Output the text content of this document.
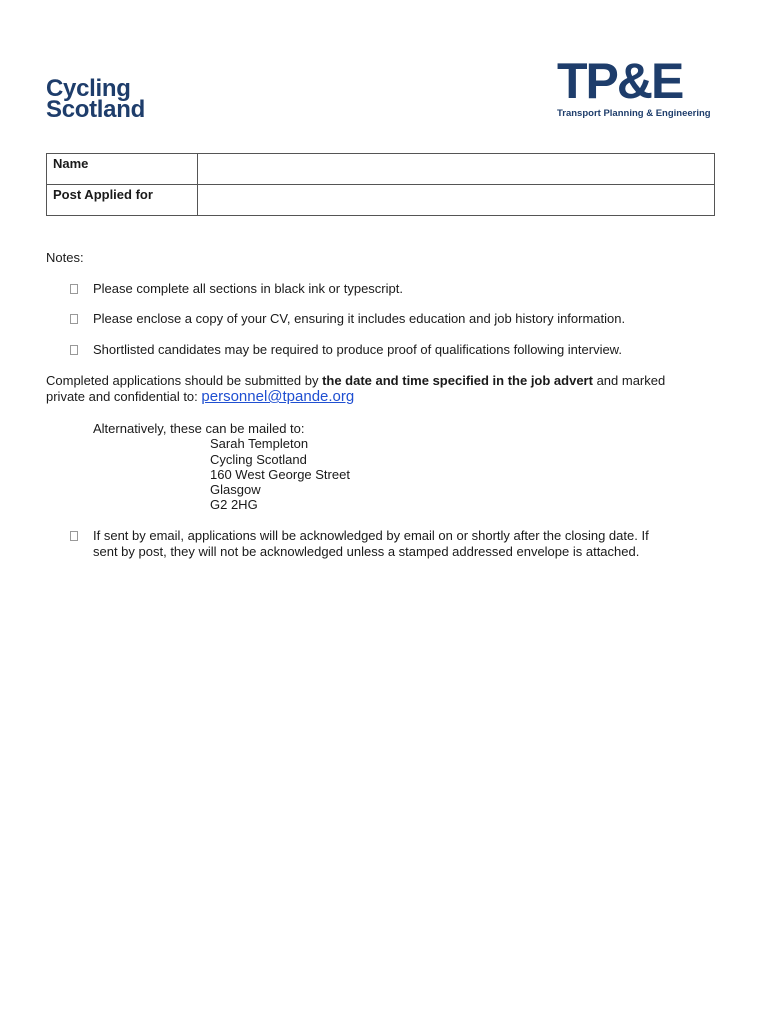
Cycling
Scotland
TP&E
Transport Planning & Engineering
Name	
Post Applied for	
Notes:
Please complete all sections in black ink or typescript.
Please enclose a copy of your CV, ensuring it includes education and job history information.
Shortlisted candidates may be required to produce proof of qualifications following interview.
Completed applications should be submitted by the date and time specified in the job advert and marked
private and confidential to: personnel@tpande.org
Alternatively, these can be mailed to:
Sarah Templeton
Cycling Scotland
160 West George Street
Glasgow
G2 2HG
If sent by email, applications will be acknowledged by email on or shortly after the closing date. If
sent by post, they will not be acknowledged unless a stamped addressed envelope is attached.
